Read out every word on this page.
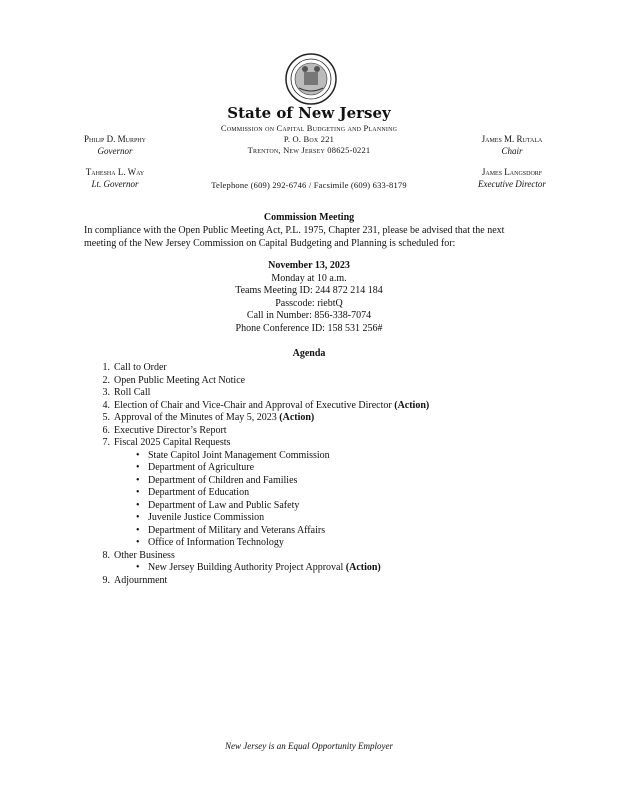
State of New Jersey
Commission on Capital Budgeting and Planning
P. O. Box 221
Trenton, New Jersey 08625-0221
Telephone (609) 292-6746 / Facsimile (609) 633-8179
Philip D. Murphy
Governor
Tahesha L. Way
Lt. Governor
James M. Rutala
Chair
James Langsdorf
Executive Director
Commission Meeting
In compliance with the Open Public Meeting Act, P.L. 1975, Chapter 231, please be advised that the next
meeting of the New Jersey Commission on Capital Budgeting and Planning is scheduled for:
November 13, 2023
Monday at 10 a.m.
Teams Meeting ID: 244 872 214 184
Passcode: riebtQ
Call in Number: 856-338-7074
Phone Conference ID: 158 531 256#
Agenda
1. Call to Order
2. Open Public Meeting Act Notice
3. Roll Call
4. Election of Chair and Vice-Chair and Approval of Executive Director (Action)
5. Approval of the Minutes of May 5, 2023 (Action)
6. Executive Director’s Report
7. Fiscal 2025 Capital Requests
• State Capitol Joint Management Commission
• Department of Agriculture
• Department of Children and Families
• Department of Education
• Department of Law and Public Safety
• Juvenile Justice Commission
• Department of Military and Veterans Affairs
• Office of Information Technology
8. Other Business
• New Jersey Building Authority Project Approval (Action)
9. Adjournment
New Jersey is an Equal Opportunity Employer
